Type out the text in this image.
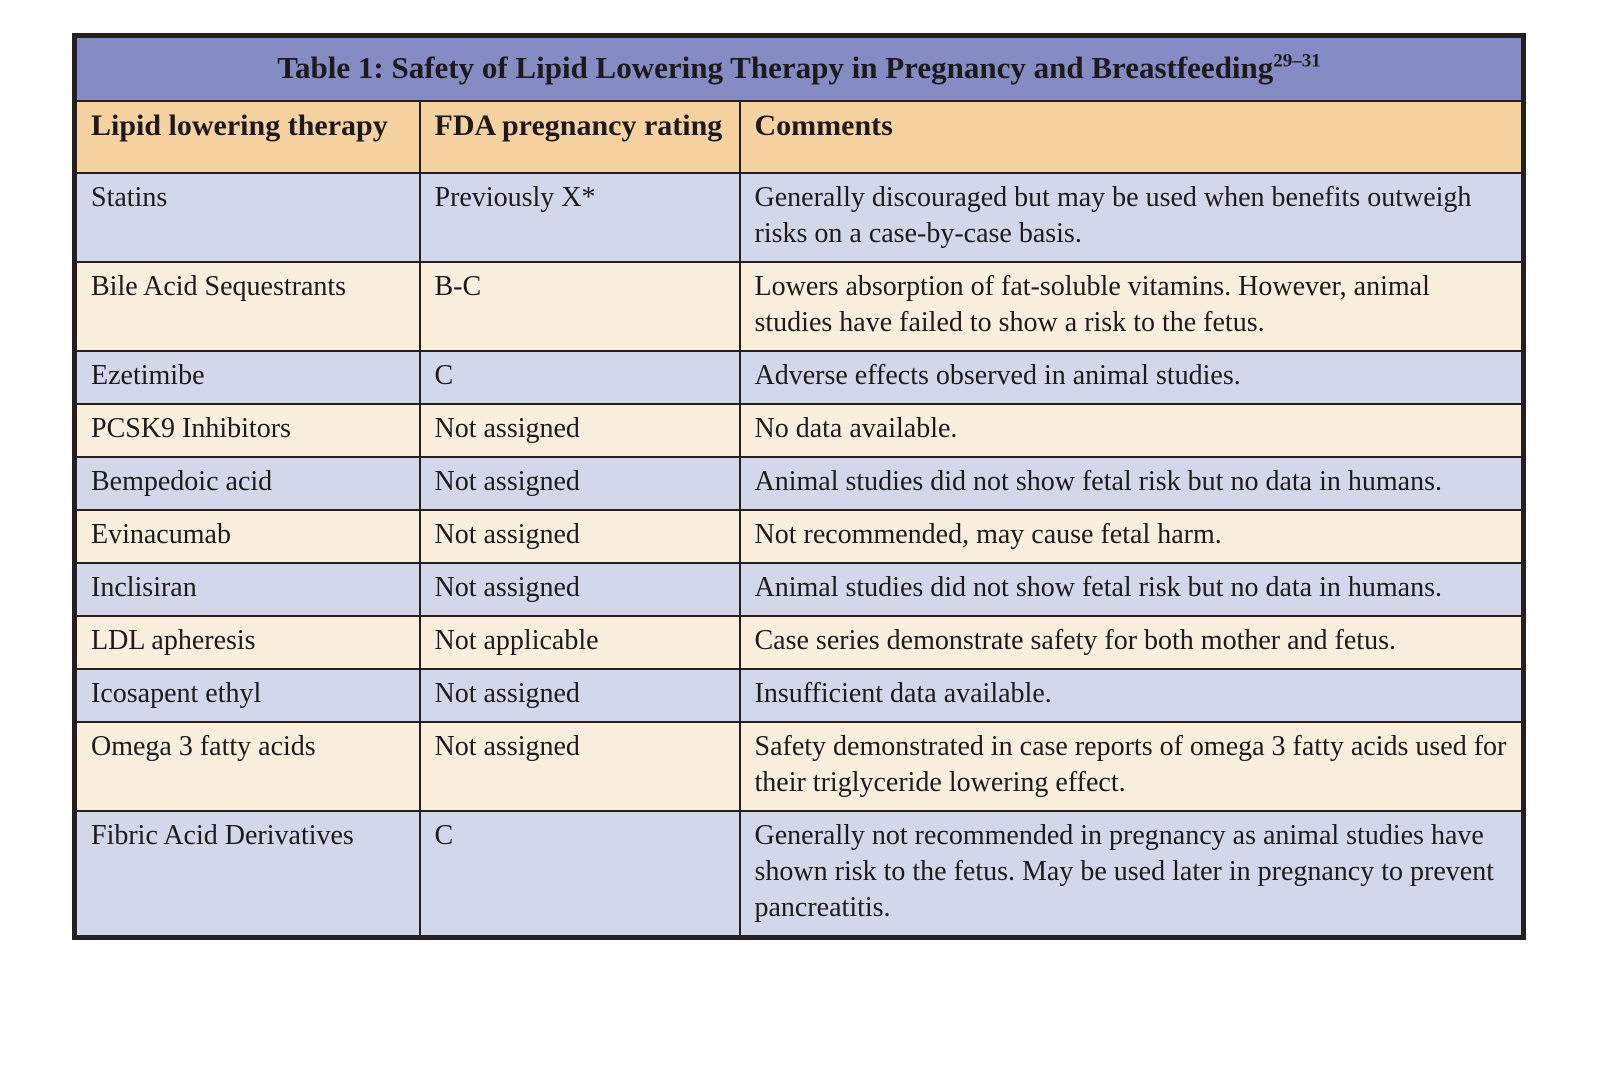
Table 1: Safety of Lipid Lowering Therapy in Pregnancy and Breastfeeding$^{29-31}$
Lipid lowering therapy	FDA pregnancy rating	Comments
Statins	Previously X*	Generally discouraged but may be used when benefits outweigh risks on a case-by-case basis.
Bile Acid Sequestrants	B-C	Lowers absorption of fat-soluble vitamins. However, animal studies have failed to show a risk to the fetus.
Ezetimibe	C	Adverse effects observed in animal studies.
PCSK9 Inhibitors	Not assigned	No data available.
Bempedoic acid	Not assigned	Animal studies did not show fetal risk but no data in humans.
Evinacumab	Not assigned	Not recommended, may cause fetal harm.
Inclisiran	Not assigned	Animal studies did not show fetal risk but no data in humans.
LDL apheresis	Not applicable	Case series demonstrate safety for both mother and fetus.
Icosapent ethyl	Not assigned	Insufficient data available.
Omega 3 fatty acids	Not assigned	Safety demonstrated in case reports of omega 3 fatty acids used for their triglyceride lowering effect.
Fibric Acid Derivatives	C	Generally not recommended in pregnancy as animal studies have shown risk to the fetus. May be used later in pregnancy to prevent pancreatitis.
